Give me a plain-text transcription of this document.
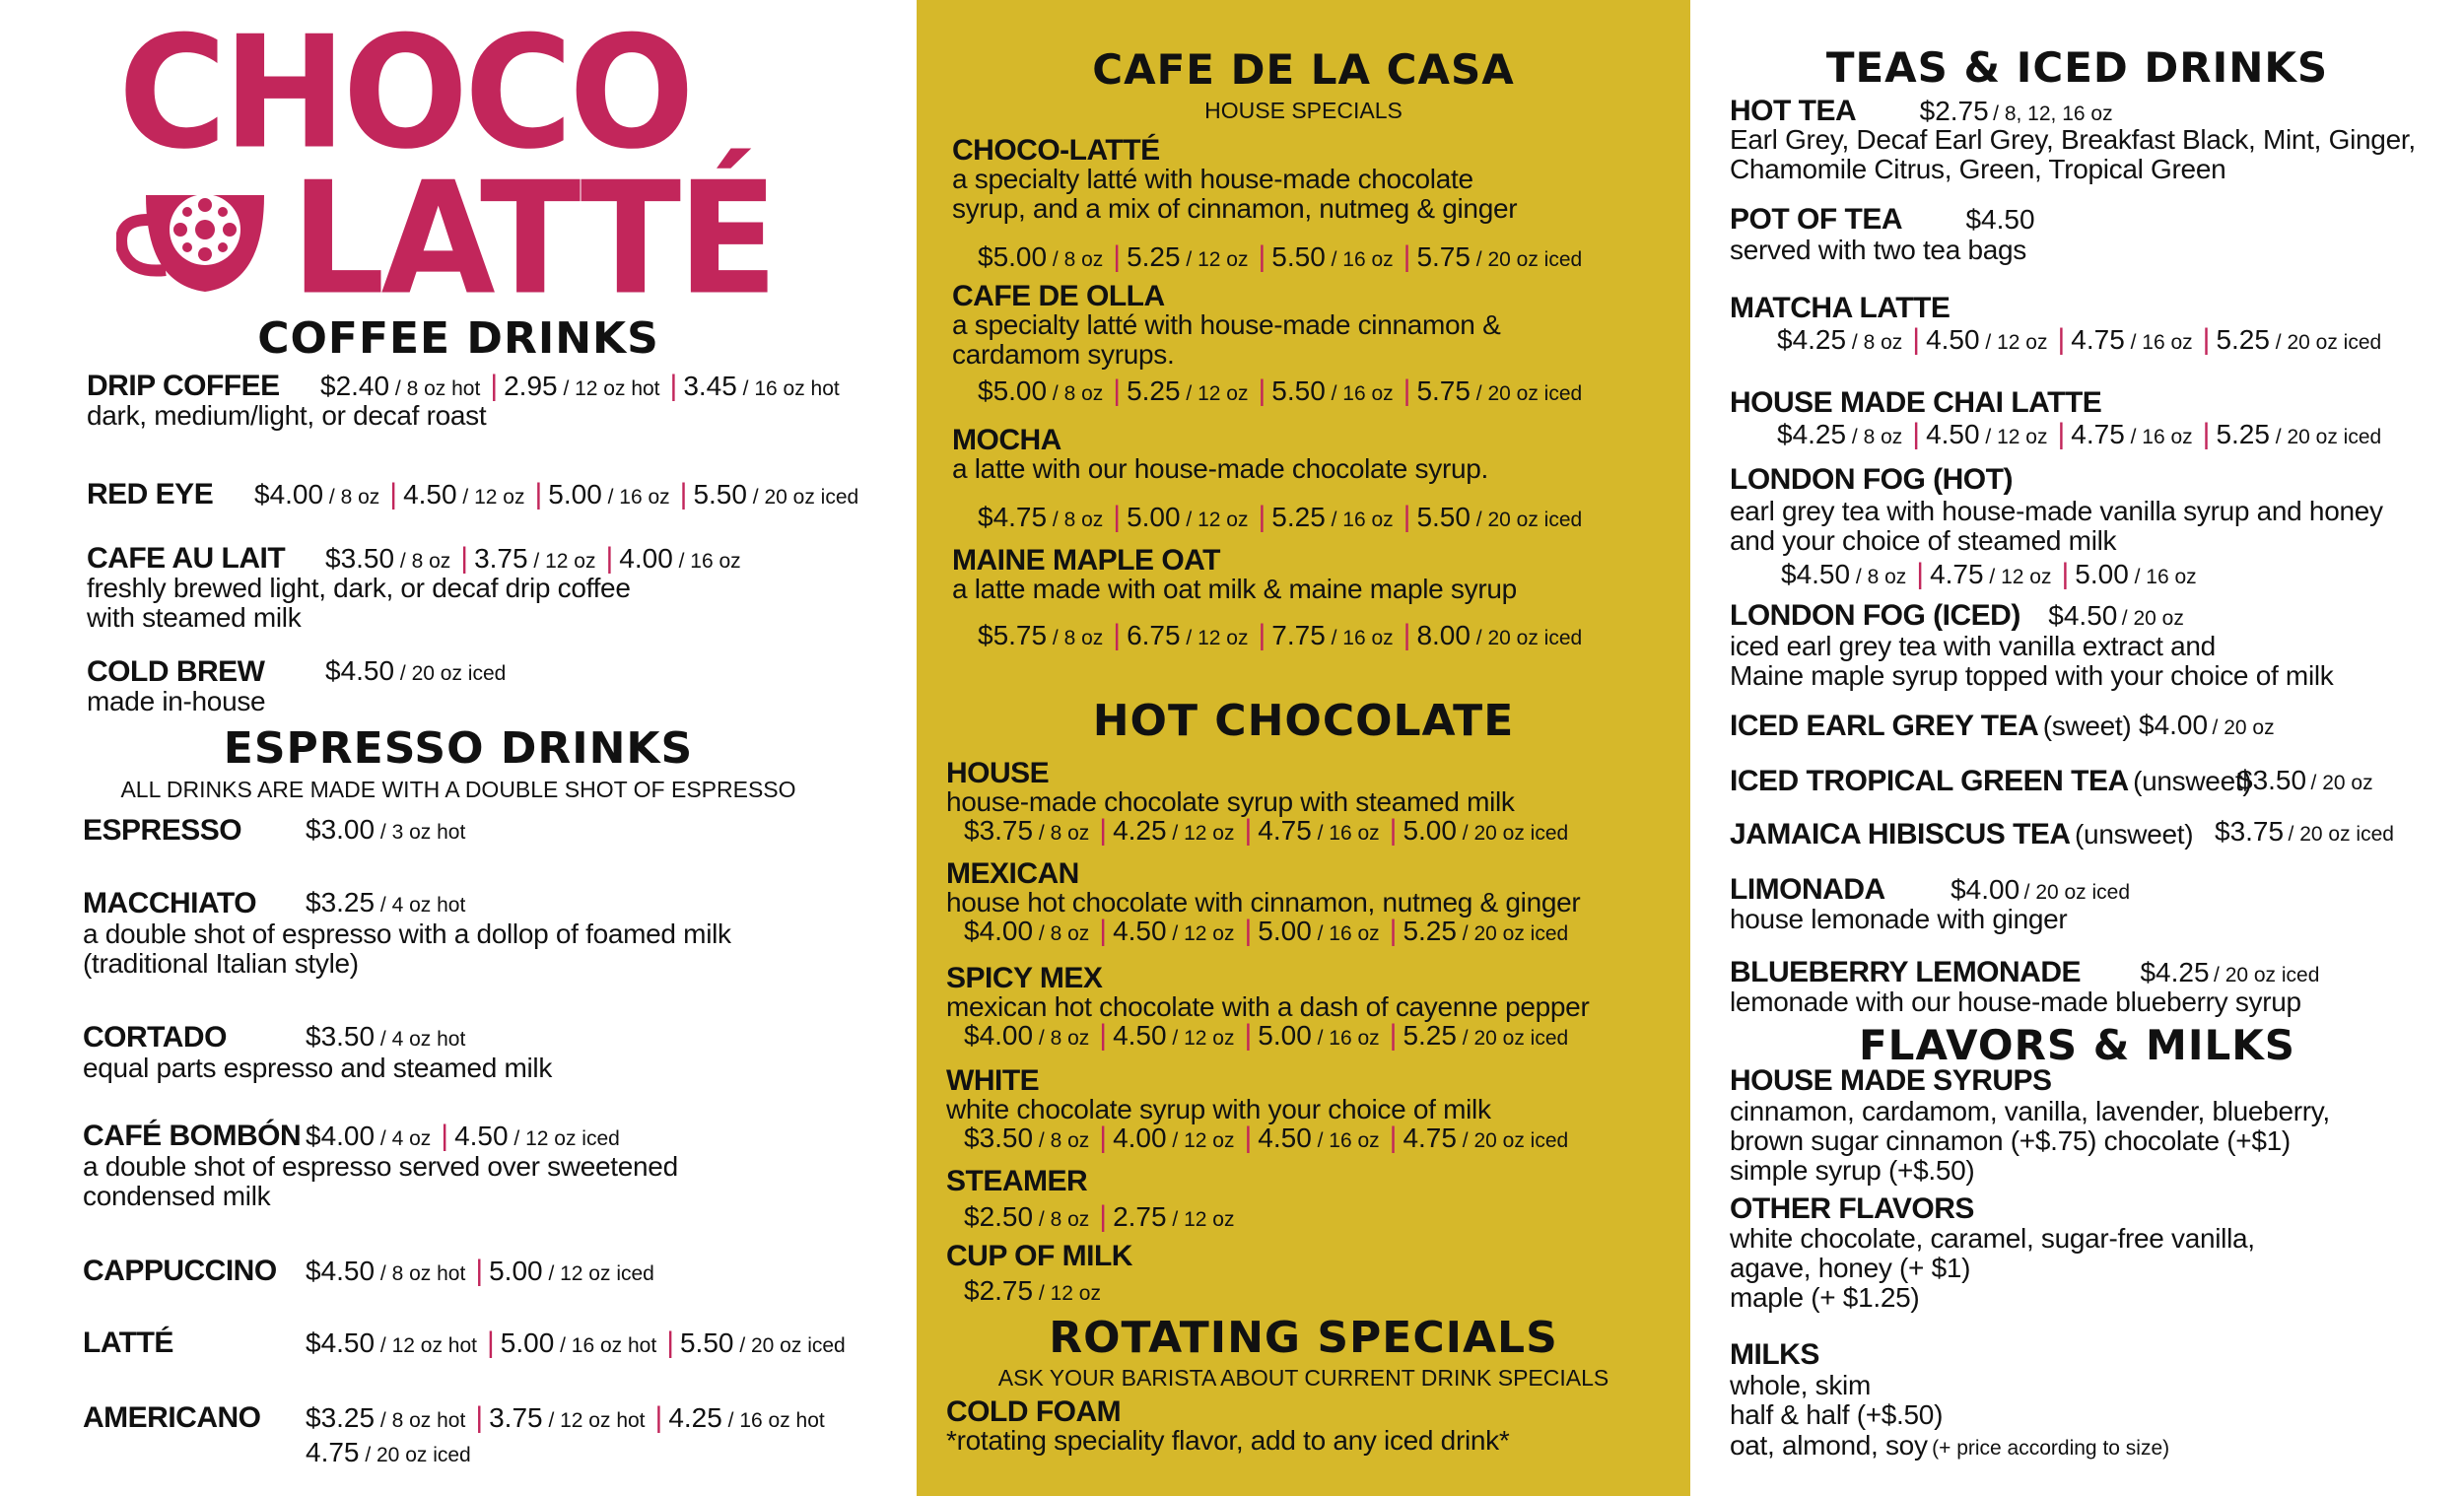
CHOCO
LATTÉ
COFFEE DRINKS
DRIP COFFEE $2.40 / 8 oz hot | 2.95 / 12 oz hot | 3.45 / 16 oz hot
dark, medium/light, or decaf roast
RED EYE $4.00 / 8 oz | 4.50 / 12 oz | 5.00 / 16 oz | 5.50 / 20 oz iced
CAFE AU LAIT $3.50 / 8 oz | 3.75 / 12 oz | 4.00 / 16 oz
freshly brewed light, dark, or decaf drip coffee
with steamed milk
COLD BREW $4.50 / 20 oz iced
made in-house
ESPRESSO DRINKS
ALL DRINKS ARE MADE WITH A DOUBLE SHOT OF ESPRESSO
ESPRESSO $3.00 / 3 oz hot
MACCHIATO $3.25 / 4 oz hot
a double shot of espresso with a dollop of foamed milk
(traditional Italian style)
CORTADO	$3.50 / 4 oz hot
equal parts espresso and steamed milk
CAFÉ BOMBÓN $4.00 / 4 oz | 4.50 / 12 oz iced
a double shot of espresso served over sweetened
condensed milk
CAPPUCCINO $4.50 / 8 oz hot | 5.00 / 12 oz iced
LATTÉ	$4.50 / 12 oz hot | 5.00 / 16 oz hot | 5.50 / 20 oz iced
AMERICANO $3.25 / 8 oz hot | 3.75 / 12 oz hot | 4.25 / 16 oz hot
4.75 / 20 oz iced
CAFE DE LA CASA
HOUSE SPECIALS
CHOCO-LATTÉ
a specialty latté with house-made chocolate
syrup, and a mix of cinnamon, nutmeg & ginger
$5.00 / 8 oz | 5.25 / 12 oz | 5.50 / 16 oz | 5.75 / 20 oz iced
CAFE DE OLLA
a specialty latté with house-made cinnamon &
cardamom syrups.
$5.00 / 8 oz | 5.25 / 12 oz | 5.50 / 16 oz | 5.75 / 20 oz iced
MOCHA
a latte with our house-made chocolate syrup.
$4.75 / 8 oz | 5.00 / 12 oz | 5.25 / 16 oz | 5.50 / 20 oz iced
MAINE MAPLE OAT
a latte made with oat milk & maine maple syrup
$5.75 / 8 oz | 6.75 / 12 oz | 7.75 / 16 oz | 8.00 / 20 oz iced
HOT CHOCOLATE
HOUSE
house-made chocolate syrup with steamed milk
$3.75 / 8 oz | 4.25 / 12 oz | 4.75 / 16 oz | 5.00 / 20 oz iced
MEXICAN
house hot chocolate with cinnamon, nutmeg & ginger
$4.00 / 8 oz | 4.50 / 12 oz | 5.00 / 16 oz | 5.25 / 20 oz iced
SPICY MEX
mexican hot chocolate with a dash of cayenne pepper
$4.00 / 8 oz | 4.50 / 12 oz | 5.00 / 16 oz | 5.25 / 20 oz iced
WHITE
white chocolate syrup with your choice of milk
$3.50 / 8 oz | 4.00 / 12 oz | 4.50 / 16 oz | 4.75 / 20 oz iced
STEAMER
$2.50 / 8 oz | 2.75 / 12 oz
CUP OF MILK
$2.75 / 12 oz
ROTATING SPECIALS
ASK YOUR BARISTA ABOUT CURRENT DRINK SPECIALS
COLD FOAM
*rotating speciality flavor, add to any iced drink*
TEAS & ICED DRINKS
HOT TEA $2.75 / 8, 12, 16 oz
Earl Grey, Decaf Earl Grey, Breakfast Black, Mint, Ginger,
Chamomile Citrus, Green, Tropical Green
POT OF TEA $4.50
served with two tea bags
MATCHA LATTE
$4.25 / 8 oz | 4.50 / 12 oz | 4.75 / 16 oz | 5.25 / 20 oz iced
HOUSE MADE CHAI LATTE
$4.25 / 8 oz | 4.50 / 12 oz | 4.75 / 16 oz | 5.25 / 20 oz iced
LONDON FOG (HOT)
earl grey tea with house-made vanilla syrup and honey
and your choice of steamed milk
$4.50 / 8 oz | 4.75 / 12 oz | 5.00 / 16 oz
LONDON FOG (ICED) $4.50 / 20 oz
iced earl grey tea with vanilla extract and
Maine maple syrup topped with your choice of milk
ICED EARL GREY TEA (sweet) $4.00 / 20 oz
ICED TROPICAL GREEN TEA (unsweet)
$3.50 / 20 oz
JAMAICA HIBISCUS TEA (unsweet) $3.75 / 20 oz iced
LIMONADA $4.00 / 20 oz iced
house lemonade with ginger
BLUEBERRY LEMONADE $4.25 / 20 oz iced
lemonade with our house-made blueberry syrup
FLAVORS & MILKS
HOUSE MADE SYRUPS
cinnamon, cardamom, vanilla, lavender, blueberry,
brown sugar cinnamon (+$.75) chocolate (+$1)
simple syrup (+$.50)
OTHER FLAVORS
white chocolate, caramel, sugar-free vanilla,
agave, honey (+ $1)
maple (+ $1.25)
MILKS
whole, skim
half & half (+$.50)
oat, almond, soy (+ price according to size)
